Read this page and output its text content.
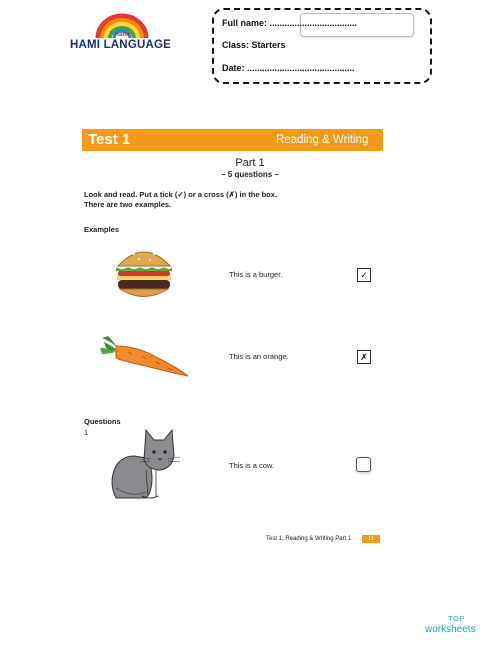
Hami
HAMI LANGUAGE
Full name: ...................................
Class: Starters
Date: ...........................................
Test 1	Reading & Writing
Part 1
– 5 questions –
Look and read. Put a tick (✓) or a cross (✗) in the box.
There are two examples.
Examples
This is a burger.	✓
This is an orange.	✗
Questions
1
This is a cow.
Test 1, Reading & Writing Part 1	11
TOP
worksheets
